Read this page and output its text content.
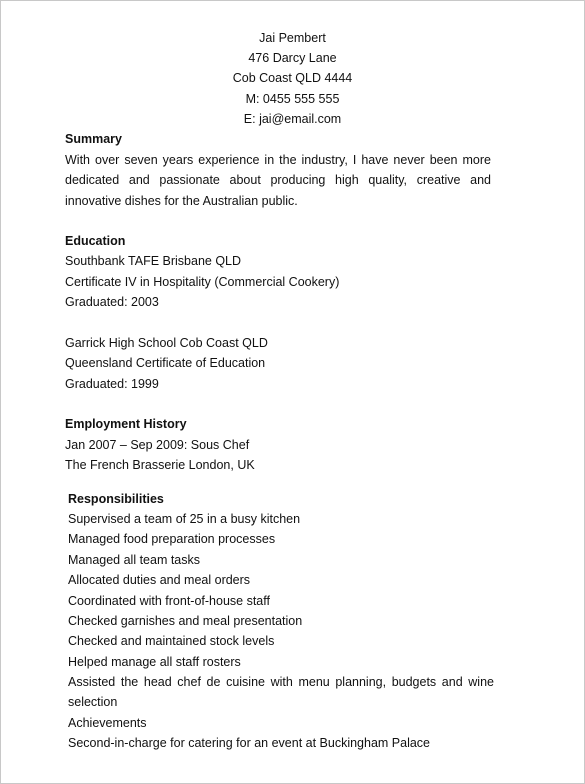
Jai Pembert
476 Darcy Lane
Cob Coast QLD 4444
M: 0455 555 555
E: jai@email.com
Summary
With over seven years experience in the industry, I have never been more dedicated and passionate about producing high quality, creative and innovative dishes for the Australian public.
Education
Southbank TAFE Brisbane QLD
Certificate IV in Hospitality (Commercial Cookery)
Graduated: 2003
Garrick High School Cob Coast QLD
Queensland Certificate of Education
Graduated: 1999
Employment History
Jan 2007 – Sep 2009: Sous Chef
The French Brasserie London, UK
Responsibilities
Supervised a team of 25 in a busy kitchen
Managed food preparation processes
Managed all team tasks
Allocated duties and meal orders
Coordinated with front-of-house staff
Checked garnishes and meal presentation
Checked and maintained stock levels
Helped manage all staff rosters
Assisted the head chef de cuisine with menu planning, budgets and wine selection
Achievements
Second-in-charge for catering for an event at Buckingham Palace
